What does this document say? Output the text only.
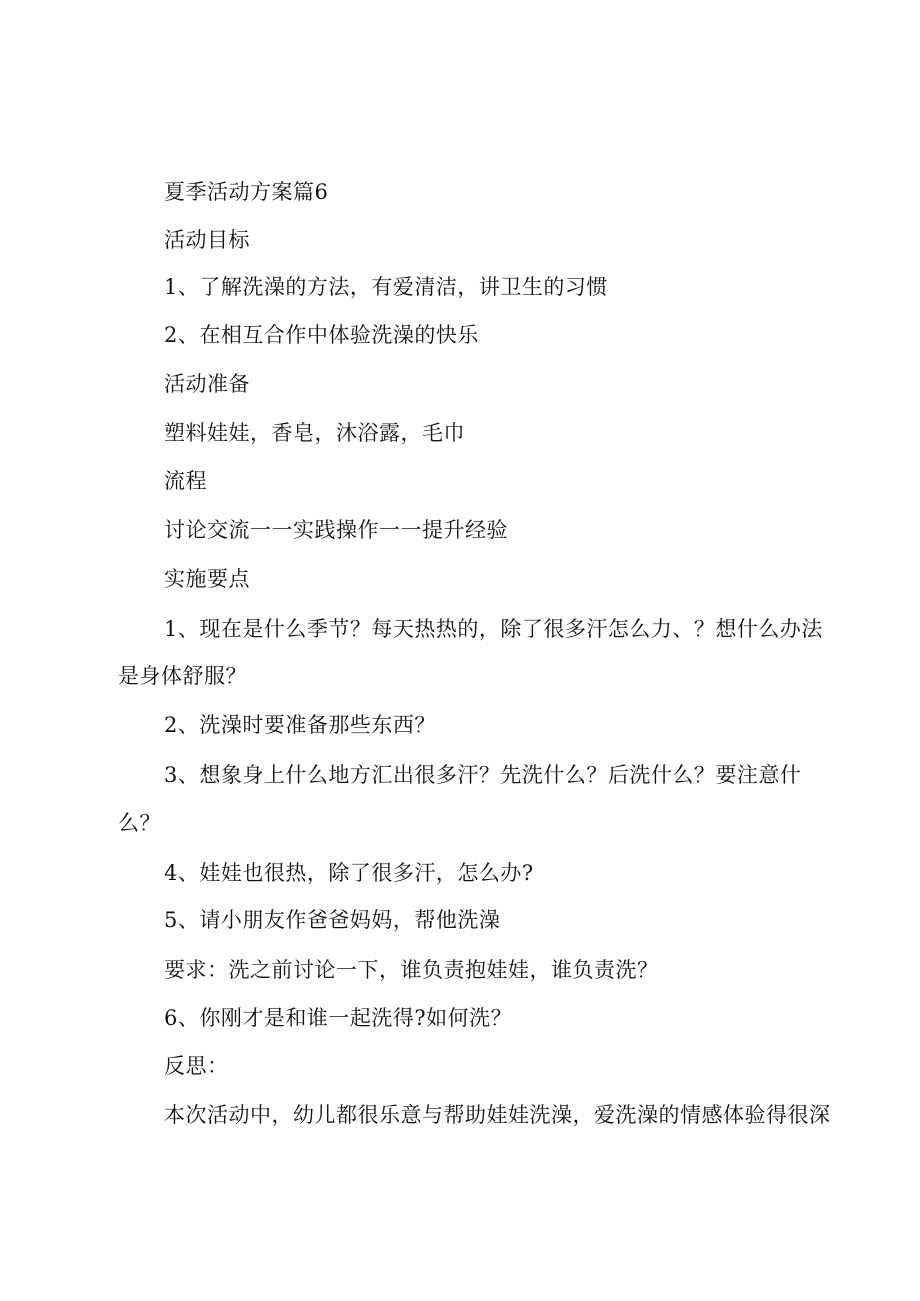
夏季活动方案篇6
活动目标
1、了解洗澡的方法，有爱清洁，讲卫生的习惯
2、在相互合作中体验洗澡的快乐
活动准备
塑料娃娃，香皂，沐浴露，毛巾
流程
讨论交流一一实践操作一一提升经验
实施要点
1、现在是什么季节？每天热热的，除了很多汗怎么力、？想什么办法
是身体舒服？
2、洗澡时要准备那些东西？
3、想象身上什么地方汇出很多汗？先洗什么？后洗什么？要注意什
么？
4、娃娃也很热，除了很多汗，怎么办?
5、请小朋友作爸爸妈妈，帮他洗澡
要求：洗之前讨论一下，谁负责抱娃娃，谁负责洗？
6、你刚才是和谁一起洗得?如何洗？
反思：
本次活动中，幼儿都很乐意与帮助娃娃洗澡，爱洗澡的情感体验得很深
